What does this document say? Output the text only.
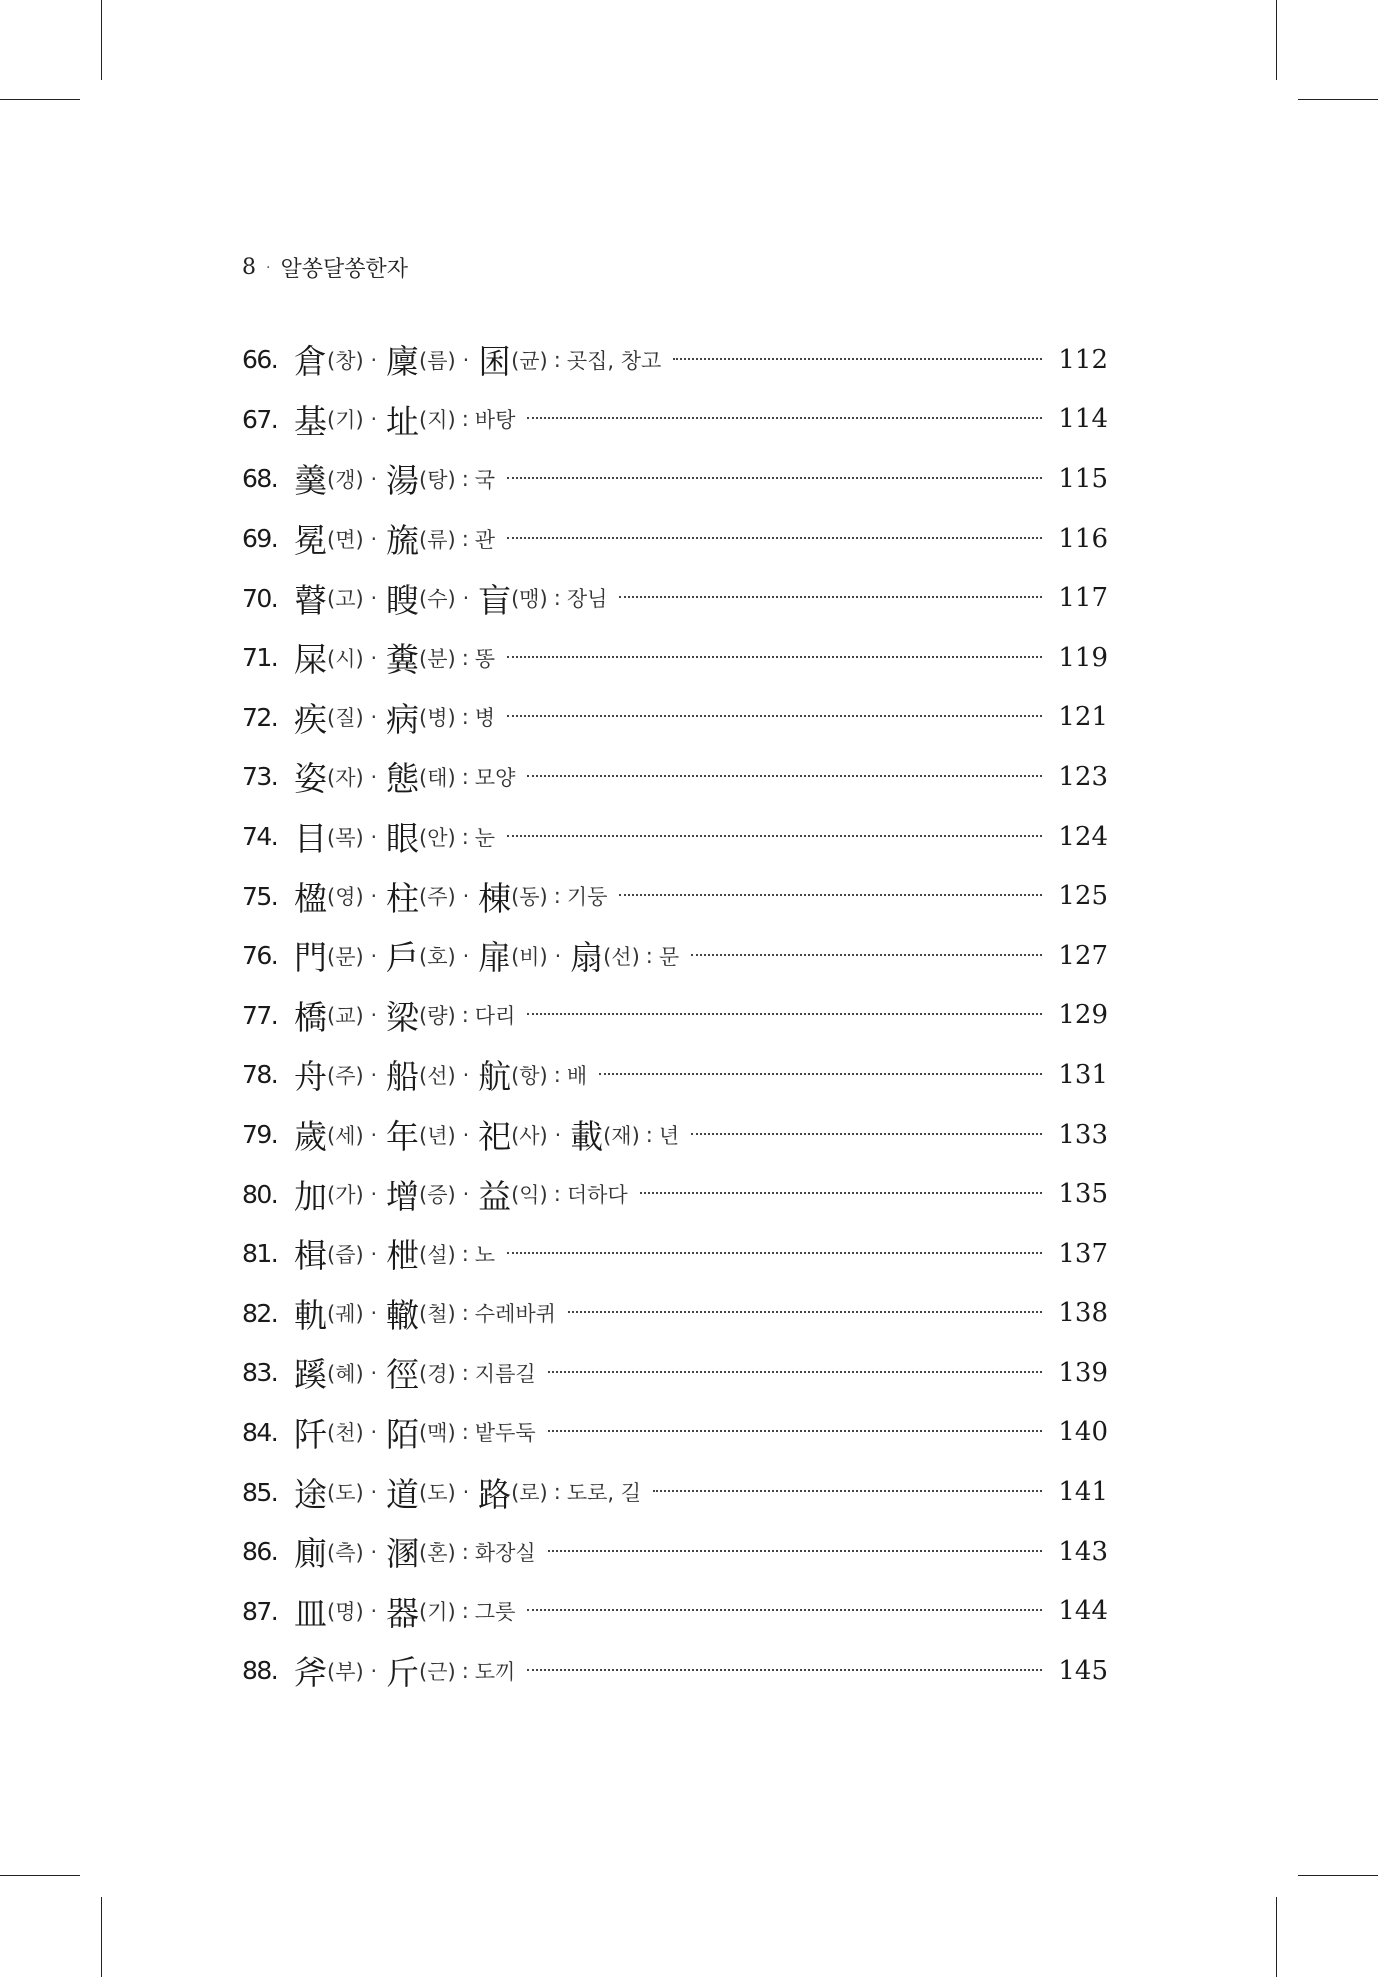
8 · 알쏭달쏭한자
66. 倉 (창) · 廩 (름) · 囷 (균) : 곳집, 창고	112
67. 基 (기) · 址 (지) : 바탕	114
68. 羹 (갱) · 湯 (탕) : 국	115
69. 冕 (면) · 旒 (류) : 관	116
70. 瞽 (고) · 瞍 (수) · 盲 (맹) : 장님	117
71. 屎 (시) · 糞 (분) : 똥	119
72. 疾 (질) · 病 (병) : 병	121
73. 姿 (자) · 態 (태) : 모양	123
74. 目 (목) · 眼 (안) : 눈	124
75. 楹 (영) · 柱 (주) · 棟 (동) : 기둥	125
76. 門 (문) · 戶 (호) · 扉 (비) · 扇 (선) : 문	127
77. 橋 (교) · 梁 (량) : 다리	129
78. 舟 (주) · 船 (선) · 航 (항) : 배	131
79. 歲 (세) · 年 (년) · 祀 (사) · 載 (재) : 년	133
80. 加 (가) · 增 (증) · 益 (익) : 더하다	135
81. 楫 (즙) · 枻 (설) : 노	137
82. 軌 (궤) · 轍 (철) : 수레바퀴	138
83. 蹊 (혜) · 徑 (경) : 지름길	139
84. 阡 (천) · 陌 (맥) : 밭두둑	140
85. 途 (도) · 道 (도) · 路 (로) : 도로, 길	141
86. 廁 (측) · 溷 (혼) : 화장실	143
87. 皿 (명) · 器 (기) : 그릇	144
88. 斧 (부) · 斤 (근) : 도끼	145
